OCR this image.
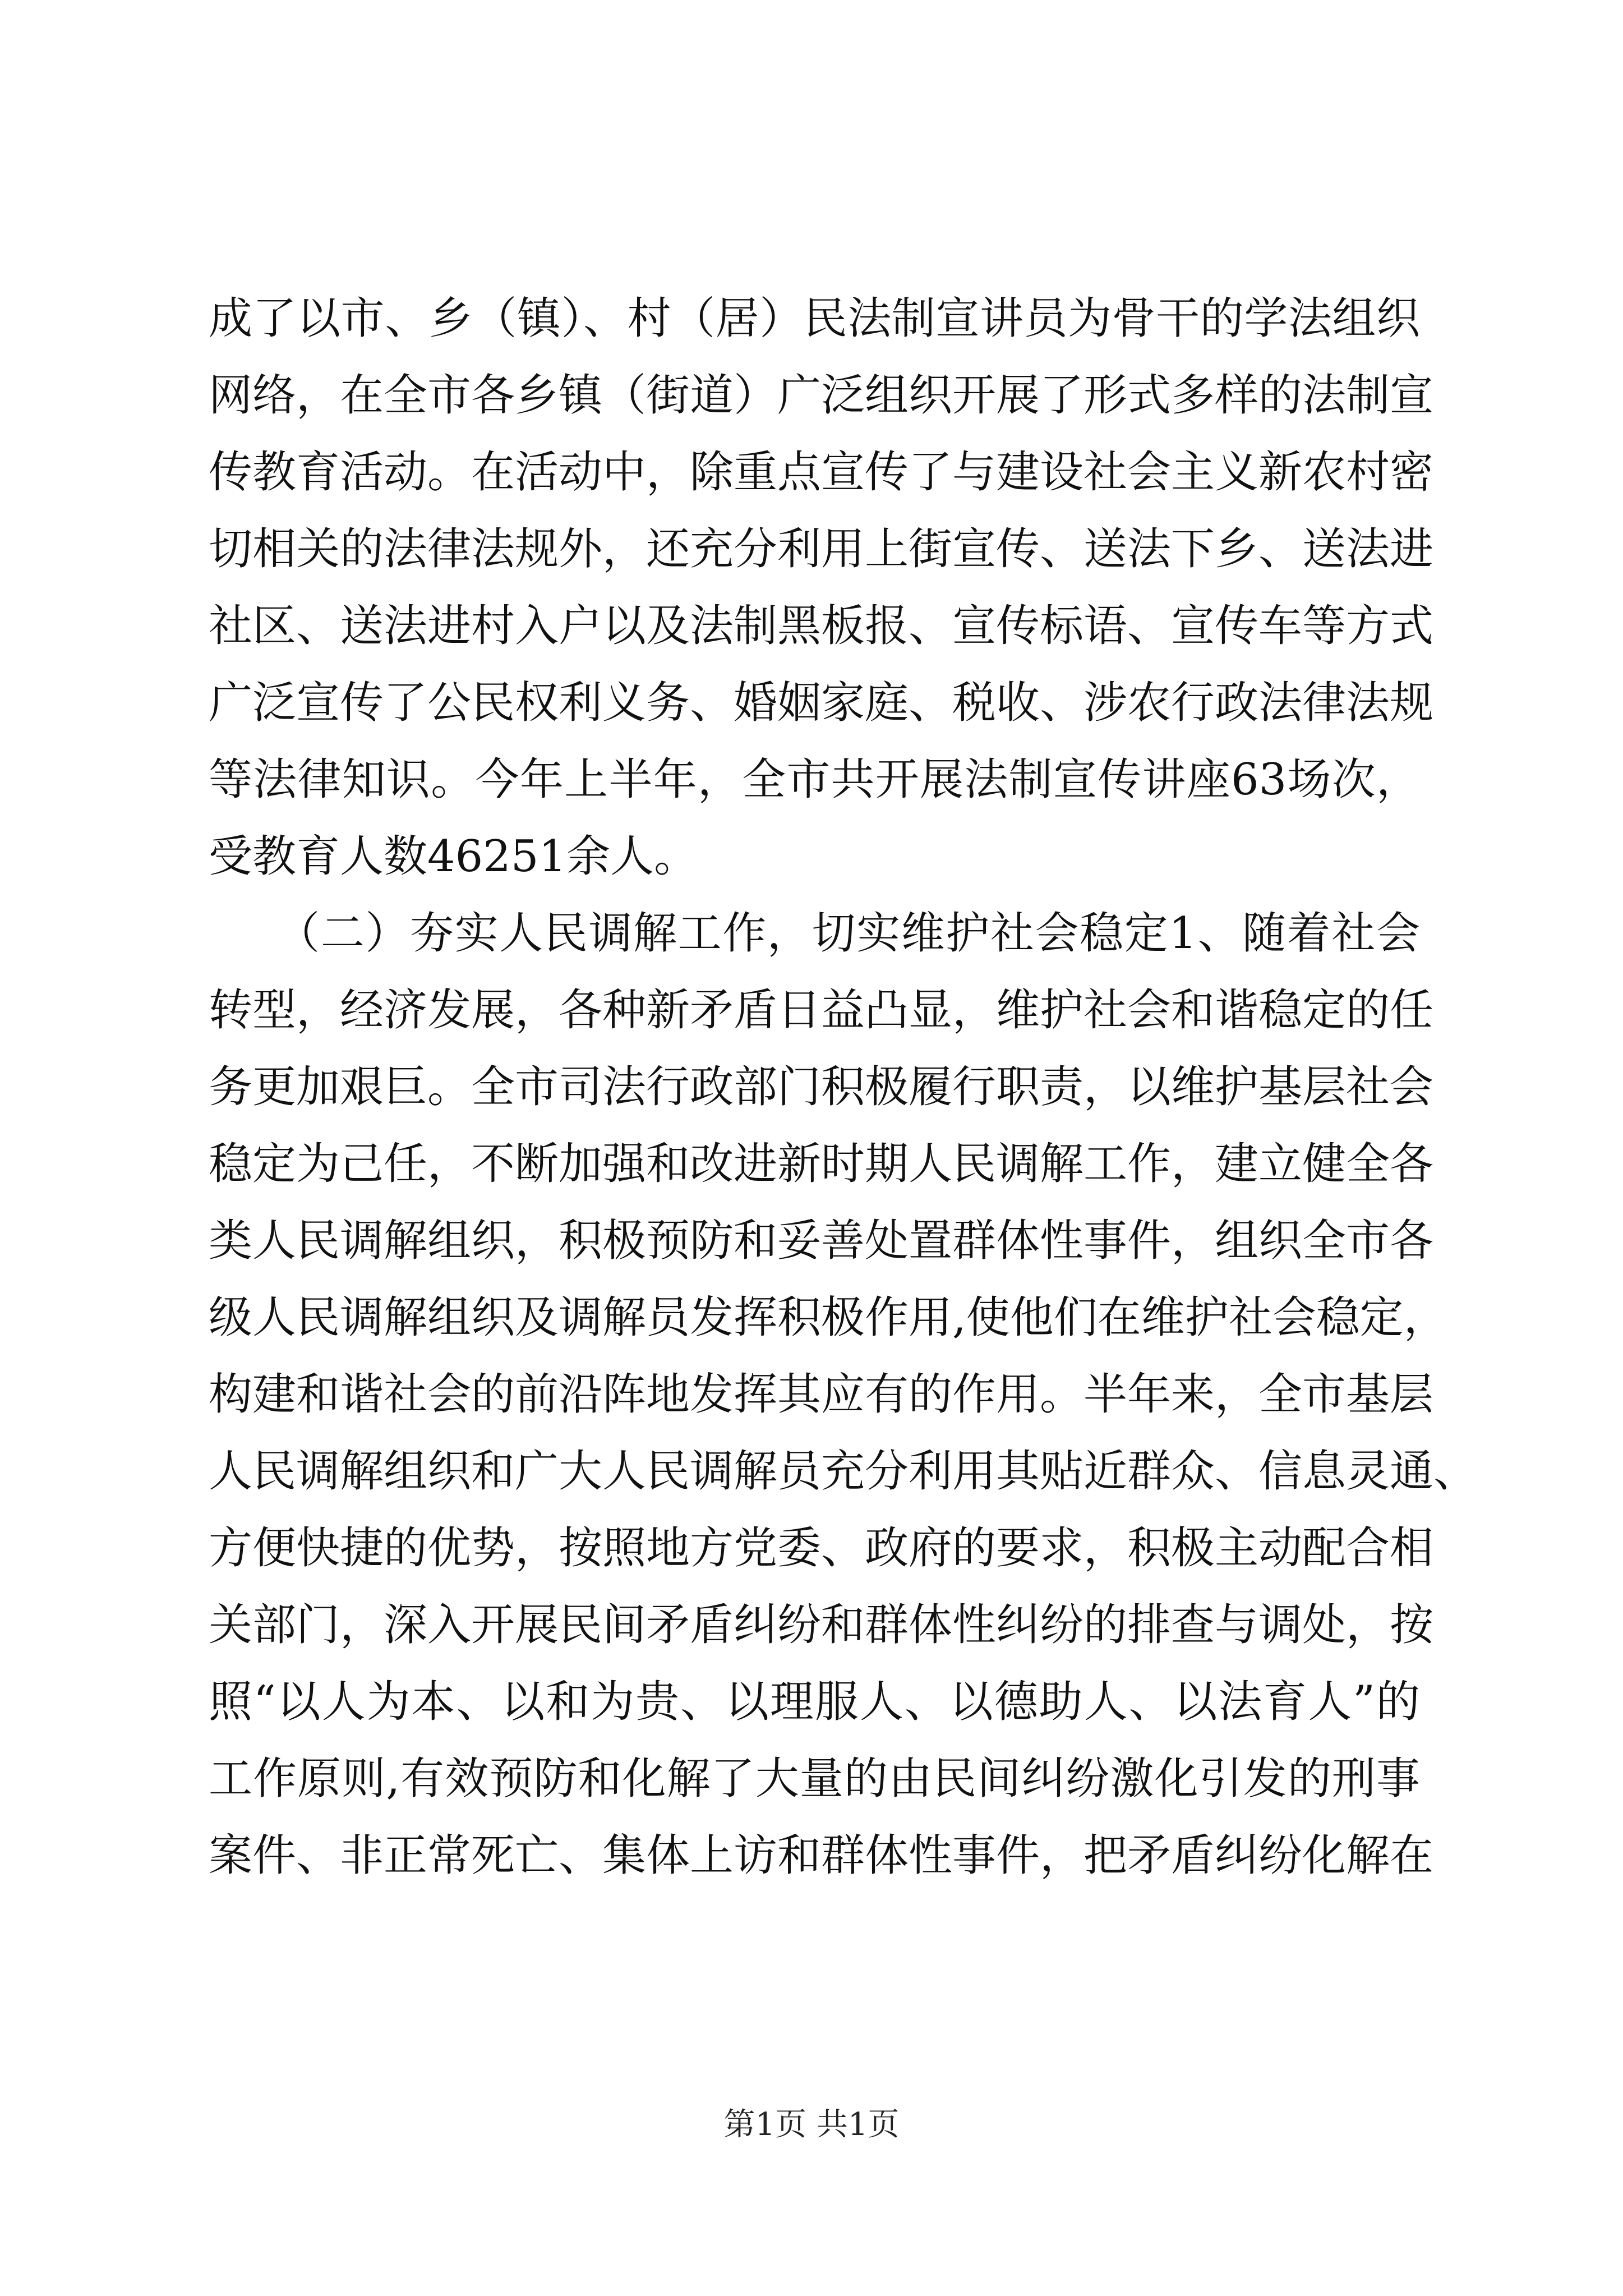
成了以市、乡（镇）、村（居）民法制宣讲员为骨干的学法组织
网络，在全市各乡镇（街道）广泛组织开展了形式多样的法制宣
传教育活动。在活动中，除重点宣传了与建设社会主义新农村密
切相关的法律法规外，还充分利用上街宣传、送法下乡、送法进
社区、送法进村入户以及法制黑板报、宣传标语、宣传车等方式
广泛宣传了公民权利义务、婚姻家庭、税收、涉农行政法律法规
等法律知识。今年上半年，全市共开展法制宣传讲座63场次，
受教育人数46251余人。
　　（二）夯实人民调解工作，切实维护社会稳定1、随着社会
转型，经济发展，各种新矛盾日益凸显，维护社会和谐稳定的任
务更加艰巨。全市司法行政部门积极履行职责，以维护基层社会
稳定为己任，不断加强和改进新时期人民调解工作，建立健全各
类人民调解组织，积极预防和妥善处置群体性事件，组织全市各
级人民调解组织及调解员发挥积极作用,使他们在维护社会稳定，
构建和谐社会的前沿阵地发挥其应有的作用。半年来，全市基层
人民调解组织和广大人民调解员充分利用其贴近群众、信息灵通、
方便快捷的优势，按照地方党委、政府的要求，积极主动配合相
关部门，深入开展民间矛盾纠纷和群体性纠纷的排查与调处，按
照“以人为本、以和为贵、以理服人、以德助人、以法育人”的
工作原则,有效预防和化解了大量的由民间纠纷激化引发的刑事
案件、非正常死亡、集体上访和群体性事件，把矛盾纠纷化解在
第1页 共1页
